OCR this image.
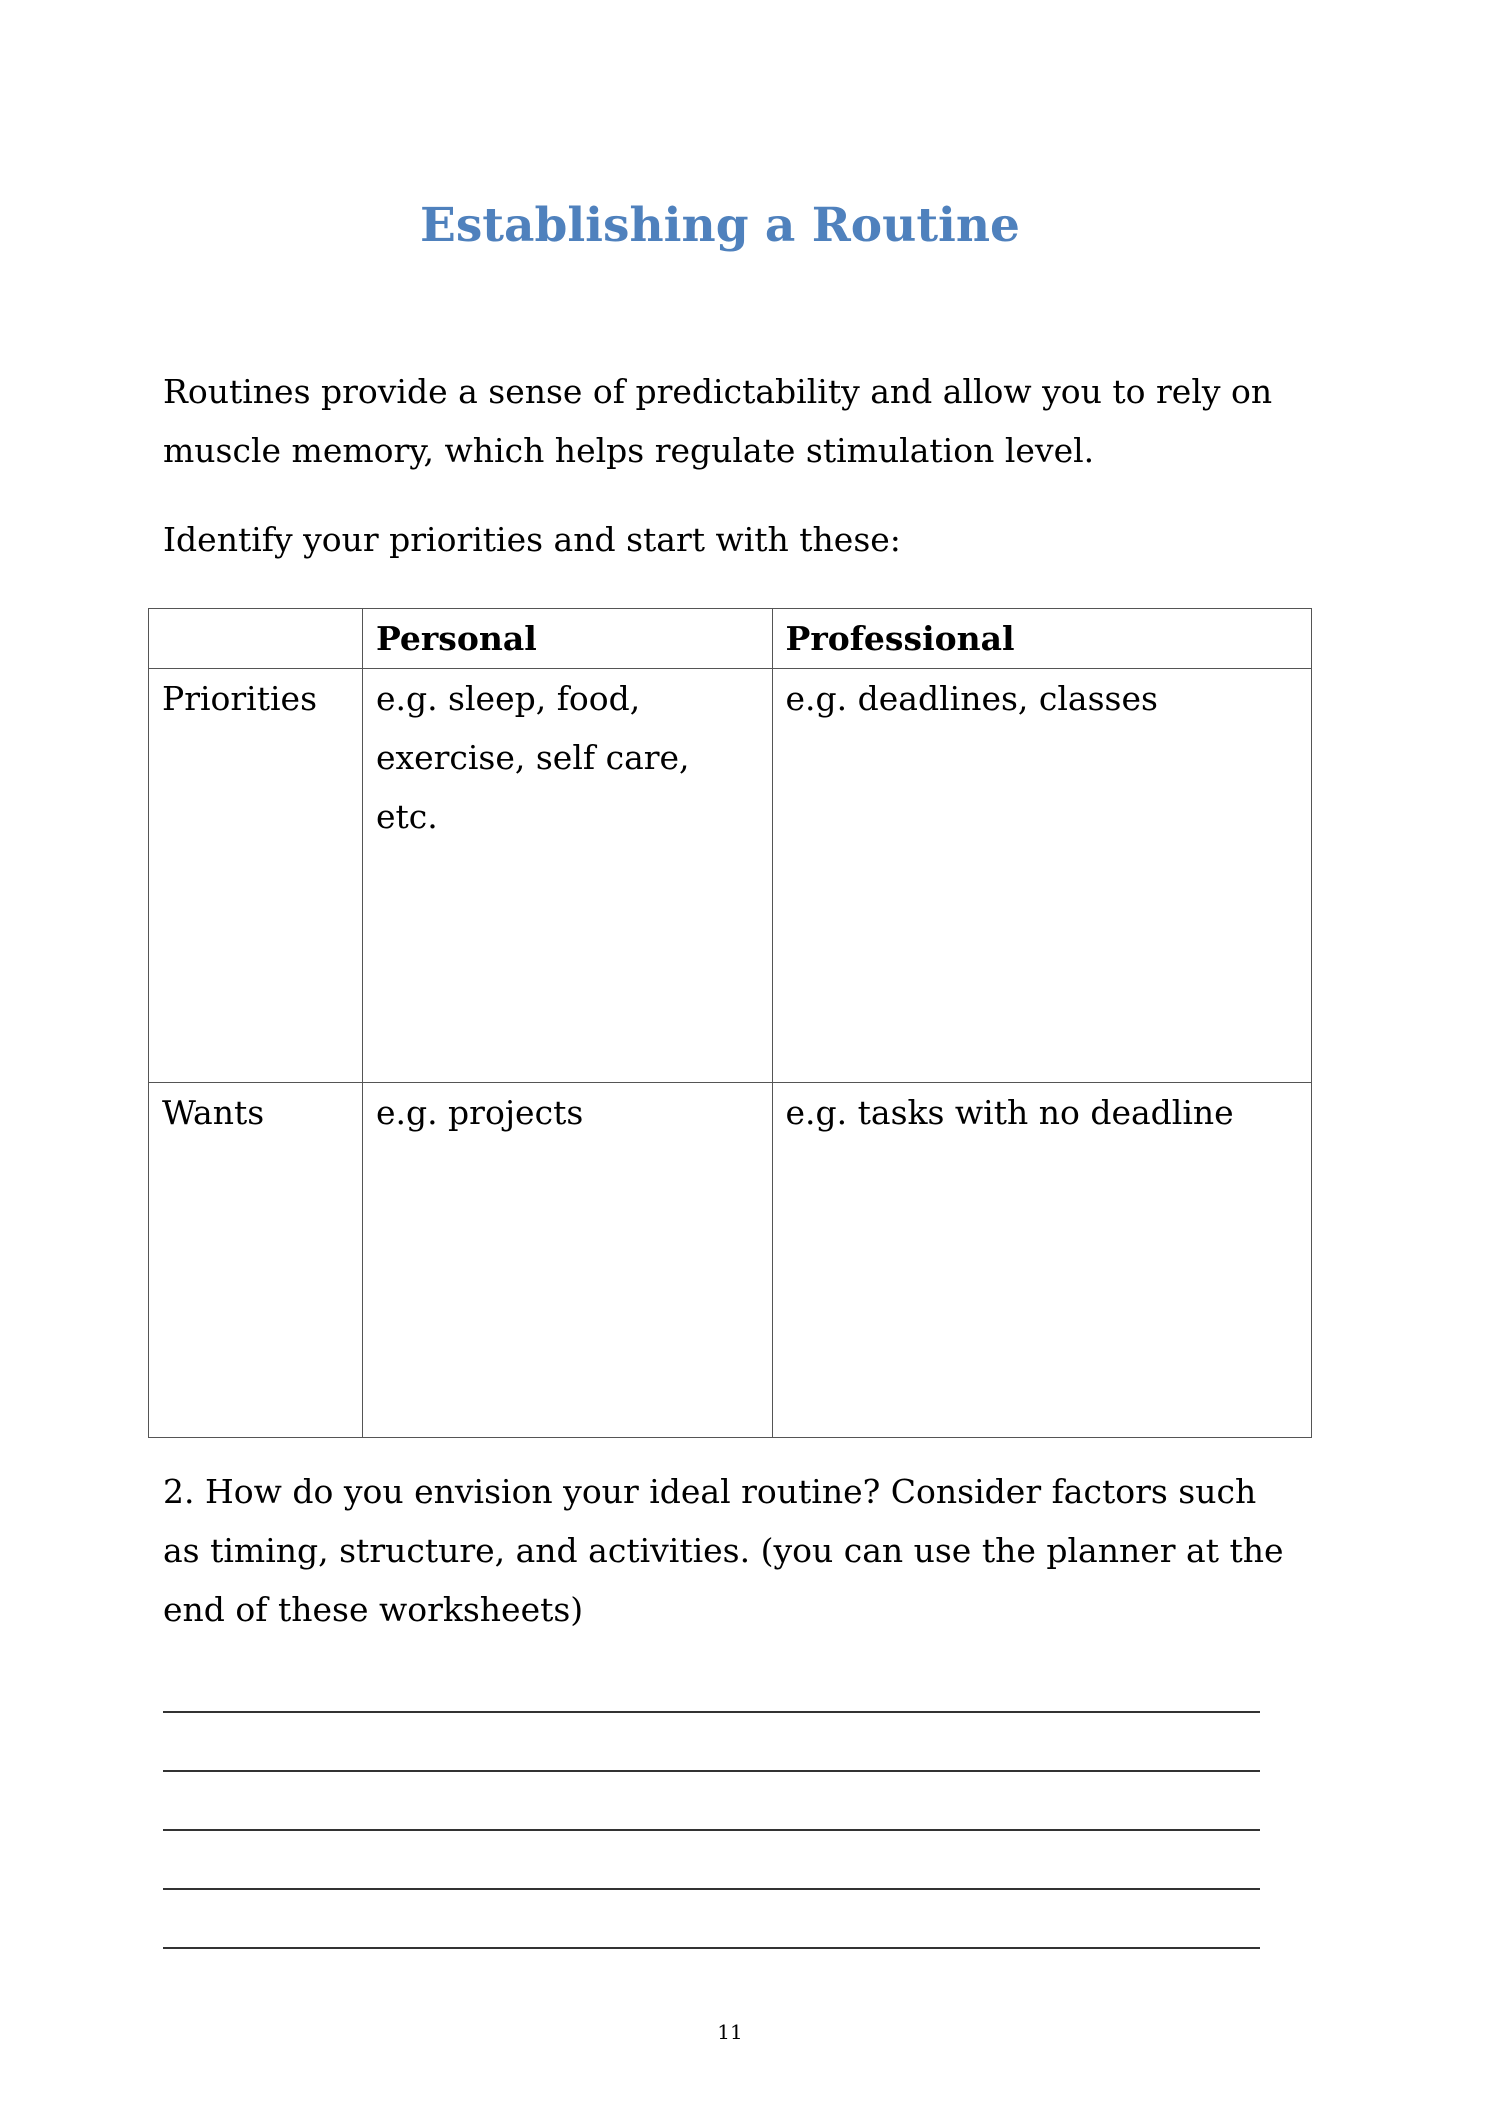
Establishing a Routine

Routines provide a sense of predictability and allow you to rely on muscle memory, which helps regulate stimulation level.

Identify your priorities and start with these:

	Personal	Professional
Priorities	e.g. sleep, food, exercise, self care, etc.	e.g. deadlines, classes
Wants	e.g. projects	e.g. tasks with no deadline

2. How do you envision your ideal routine? Consider factors such as timing, structure, and activities. (you can use the planner at the end of these worksheets)

11
